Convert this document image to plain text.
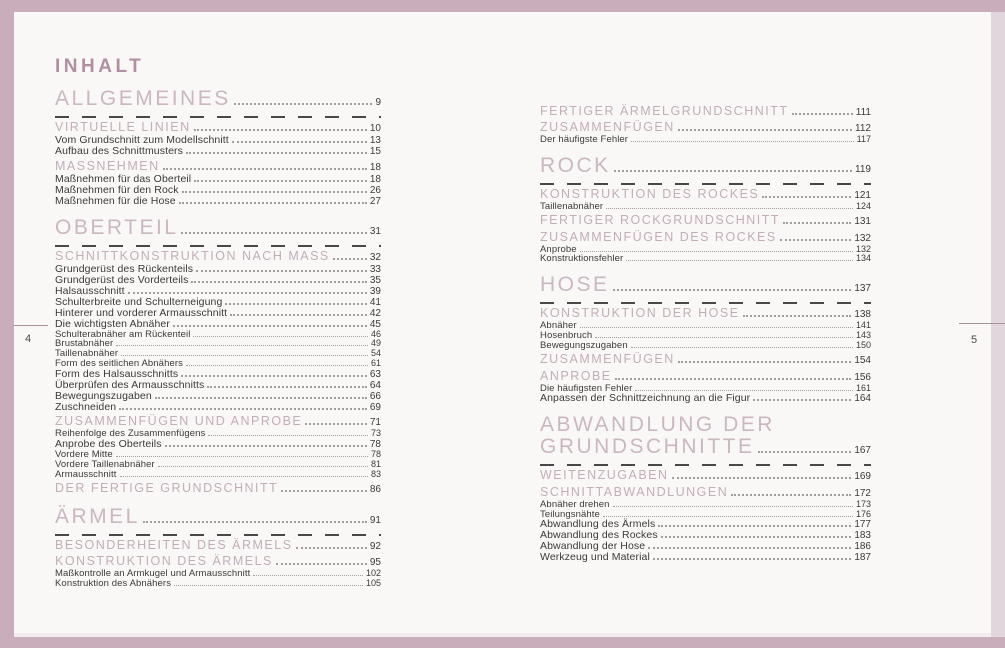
4	5
INHALT
ALLGEMEINES	9
VIRTUELLE LINIEN	10
Vom Grundschnitt zum Modellschnitt	13
Aufbau des Schnittmusters	15
MASSNEHMEN	18
Maßnehmen für das Oberteil	18
Maßnehmen für den Rock	26
Maßnehmen für die Hose	27
OBERTEIL	31
SCHNITTKONSTRUKTION NACH MASS	32
Grundgerüst des Rückenteils	33
Grundgerüst des Vorderteils	35
Halsausschnitt	39
Schulterbreite und Schulterneigung	41
Hinterer und vorderer Armausschnitt	42
Die wichtigsten Abnäher	45
Schulterabnäher am Rückenteil	46
Brustabnäher	49
Taillenabnäher	54
Form des seitlichen Abnähers	61
Form des Halsausschnitts	63
Überprüfen des Armausschnitts	64
Bewegungszugaben	66
Zuschneiden	69
ZUSAMMENFÜGEN UND ANPROBE	71
Reihenfolge des Zusammenfügens	73
Anprobe des Oberteils	78
Vordere Mitte	78
Vordere Taillenabnäher	81
Armausschnitt	83
DER FERTIGE GRUNDSCHNITT	86
ÄRMEL	91
BESONDERHEITEN DES ÄRMELS	92
KONSTRUKTION DES ÄRMELS	95
Maßkontrolle an Armkugel und Armausschnitt	102
Konstruktion des Abnähers	105
FERTIGER ÄRMELGRUNDSCHNITT	111
ZUSAMMENFÜGEN	112
Der häufigste Fehler	117
ROCK	119
KONSTRUKTION DES ROCKES	121
Taillenabnäher	124
FERTIGER ROCKGRUNDSCHNITT	131
ZUSAMMENFÜGEN DES ROCKES	132
Anprobe	132
Konstruktionsfehler	134
HOSE	137
KONSTRUKTION DER HOSE	138
Abnäher	141
Hosenbruch	143
Bewegungszugaben	150
ZUSAMMENFÜGEN	154
ANPROBE	156
Die häufigsten Fehler	161
Anpassen der Schnittzeichnung an die Figur	164
ABWANDLUNG DER
GRUNDSCHNITTE	167
WEITENZUGABEN	169
SCHNITTABWANDLUNGEN	172
Abnäher drehen	173
Teilungsnähte	176
Abwandlung des Ärmels	177
Abwandlung des Rockes	183
Abwandlung der Hose	186
Werkzeug und Material	187
